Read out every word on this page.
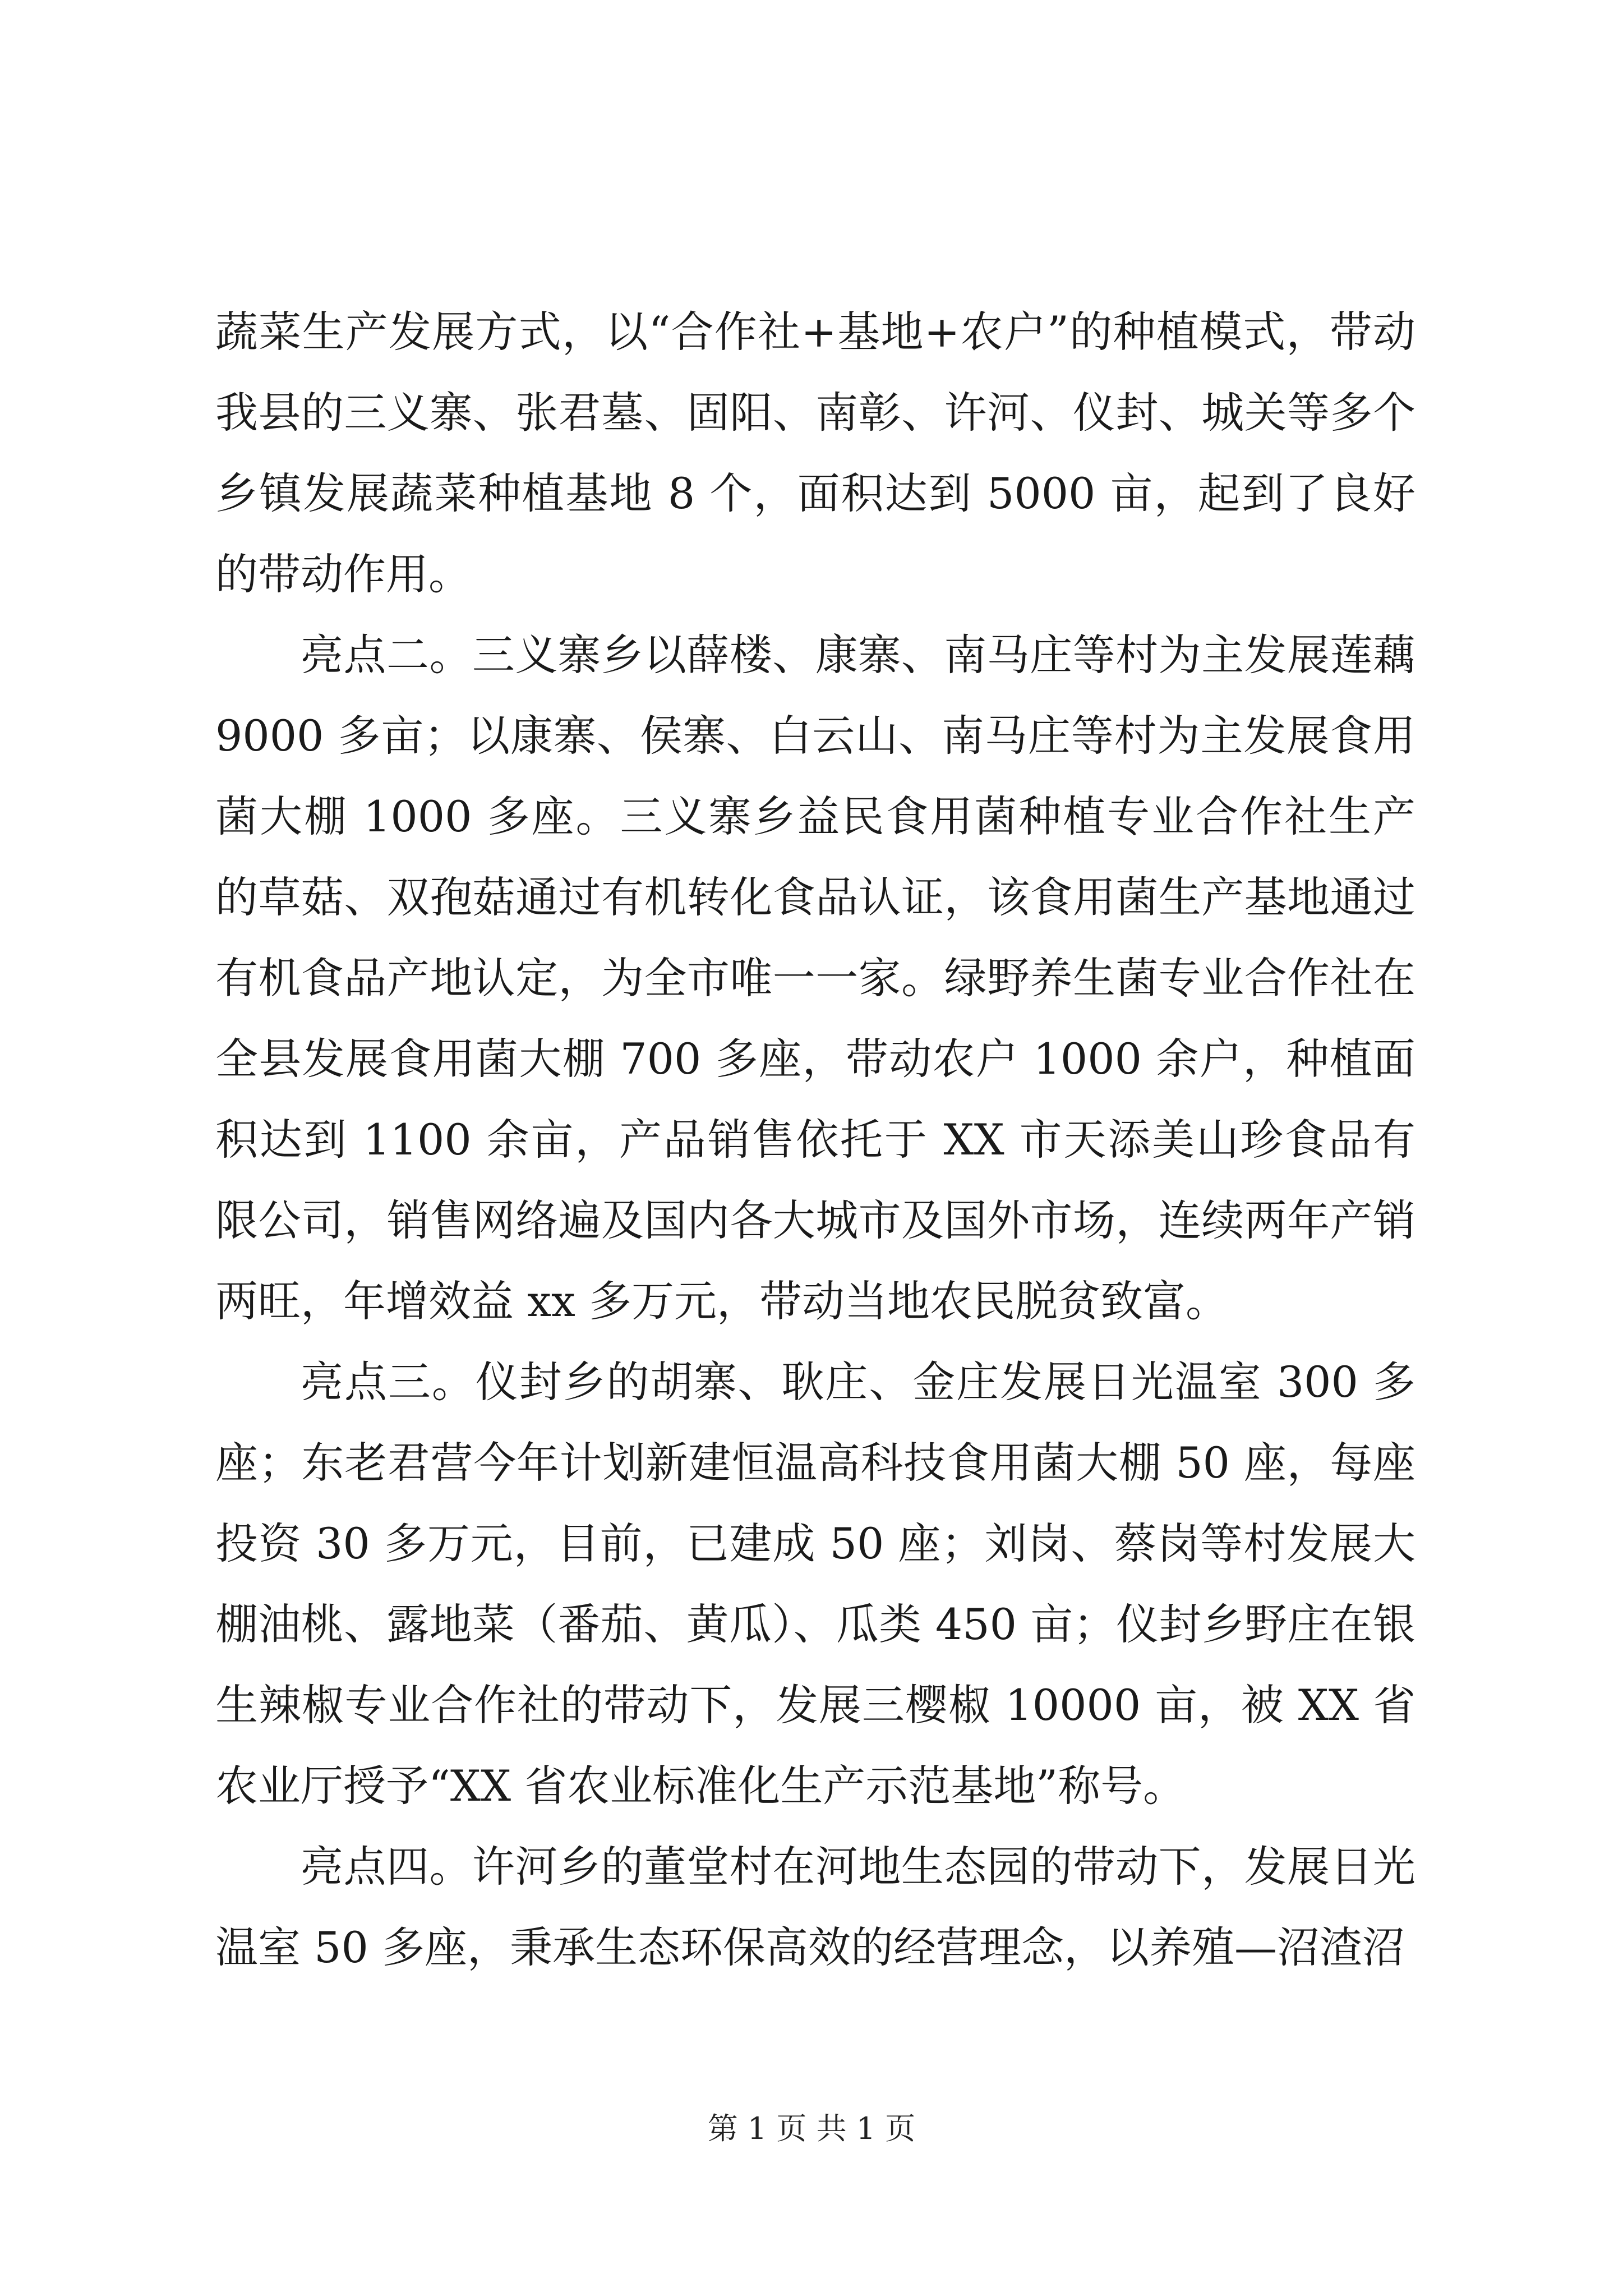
蔬菜生产发展方式，以“合作社+基地+农户”的种植模式，带动我县的三义寨、张君墓、固阳、南彰、许河、仪封、城关等多个乡镇发展蔬菜种植基地 8 个，面积达到 5000 亩，起到了良好的带动作用。

亮点二。三义寨乡以薛楼、康寨、南马庄等村为主发展莲藕 9000 多亩；以康寨、侯寨、白云山、南马庄等村为主发展食用菌大棚 1000 多座。三义寨乡益民食用菌种植专业合作社生产的草菇、双孢菇通过有机转化食品认证，该食用菌生产基地通过有机食品产地认定，为全市唯一一家。绿野养生菌专业合作社在全县发展食用菌大棚 700 多座，带动农户 1000 余户，种植面积达到 1100 余亩，产品销售依托于 XX 市天添美山珍食品有限公司，销售网络遍及国内各大城市及国外市场，连续两年产销两旺，年增效益 xx 多万元，带动当地农民脱贫致富。

亮点三。仪封乡的胡寨、耿庄、金庄发展日光温室 300 多座；东老君营今年计划新建恒温高科技食用菌大棚 50 座，每座投资 30 多万元，目前，已建成 50 座；刘岗、蔡岗等村发展大棚油桃、露地菜（番茄、黄瓜）、瓜类 450 亩；仪封乡野庄在银生辣椒专业合作社的带动下，发展三樱椒 10000 亩，被 XX 省农业厅授予“XX 省农业标准化生产示范基地”称号。

亮点四。许河乡的董堂村在河地生态园的带动下，发展日光温室 50 多座，秉承生态环保高效的经营理念，以养殖—沼渣沼

第 1 页 共 1 页
